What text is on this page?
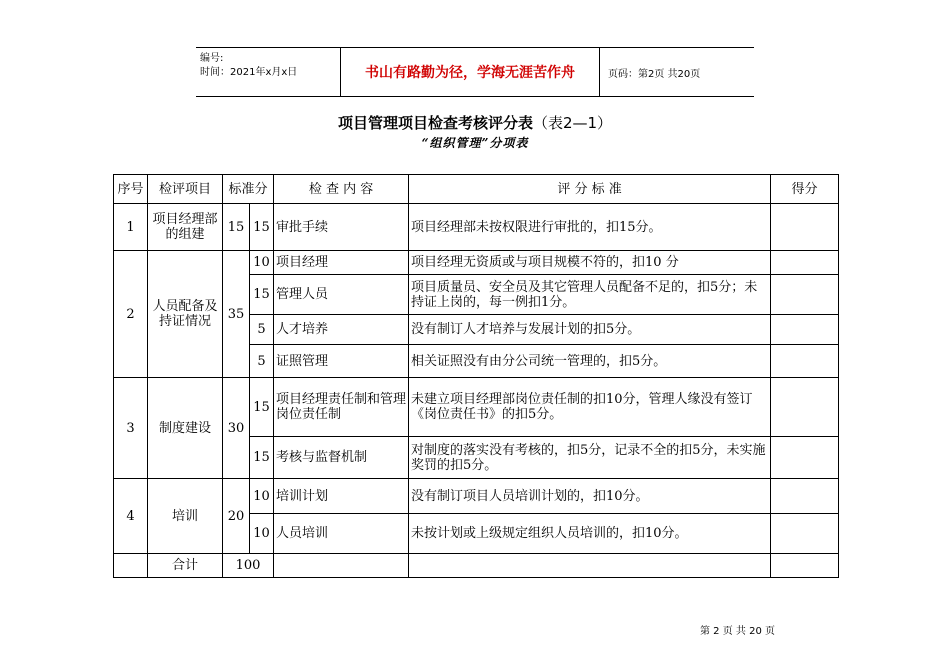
编号:
时间：2021年x月x日	书山有路勤为径，学海无涯苦作舟	页码：第2页 共20页
项目管理项目检查考核评分表（表2—1）
“组织管理”分项表
序号	检评项目	标准分		检 查 内 容	评 分 标 准	得分
1	项目经理部的组建	15	15	审批手续	项目经理部未按权限进行审批的，扣15分。	
2	人员配备及持证情况	35	10	项目经理	项目经理无资质或与项目规模不符的，扣10 分	
			15	管理人员	项目质量员、安全员及其它管理人员配备不足的，扣5分；未持证上岗的，每一例扣1分。	
			5	人才培养	没有制订人才培养与发展计划的扣5分。	
			5	证照管理	相关证照没有由分公司统一管理的，扣5分。	
3	制度建设	30	15	项目经理责任制和管理岗位责任制	未建立项目经理部岗位责任制的扣10分，管理人缘没有签订《岗位责任书》的扣5分。	
			15	考核与监督机制	对制度的落实没有考核的，扣5分，记录不全的扣5分，未实施奖罚的扣5分。	
4	培训	20	10	培训计划	没有制订项目人员培训计划的，扣10分。	
			10	人员培训	未按计划或上级规定组织人员培训的，扣10分。	
	合计	100				
第 2 页 共 20 页
